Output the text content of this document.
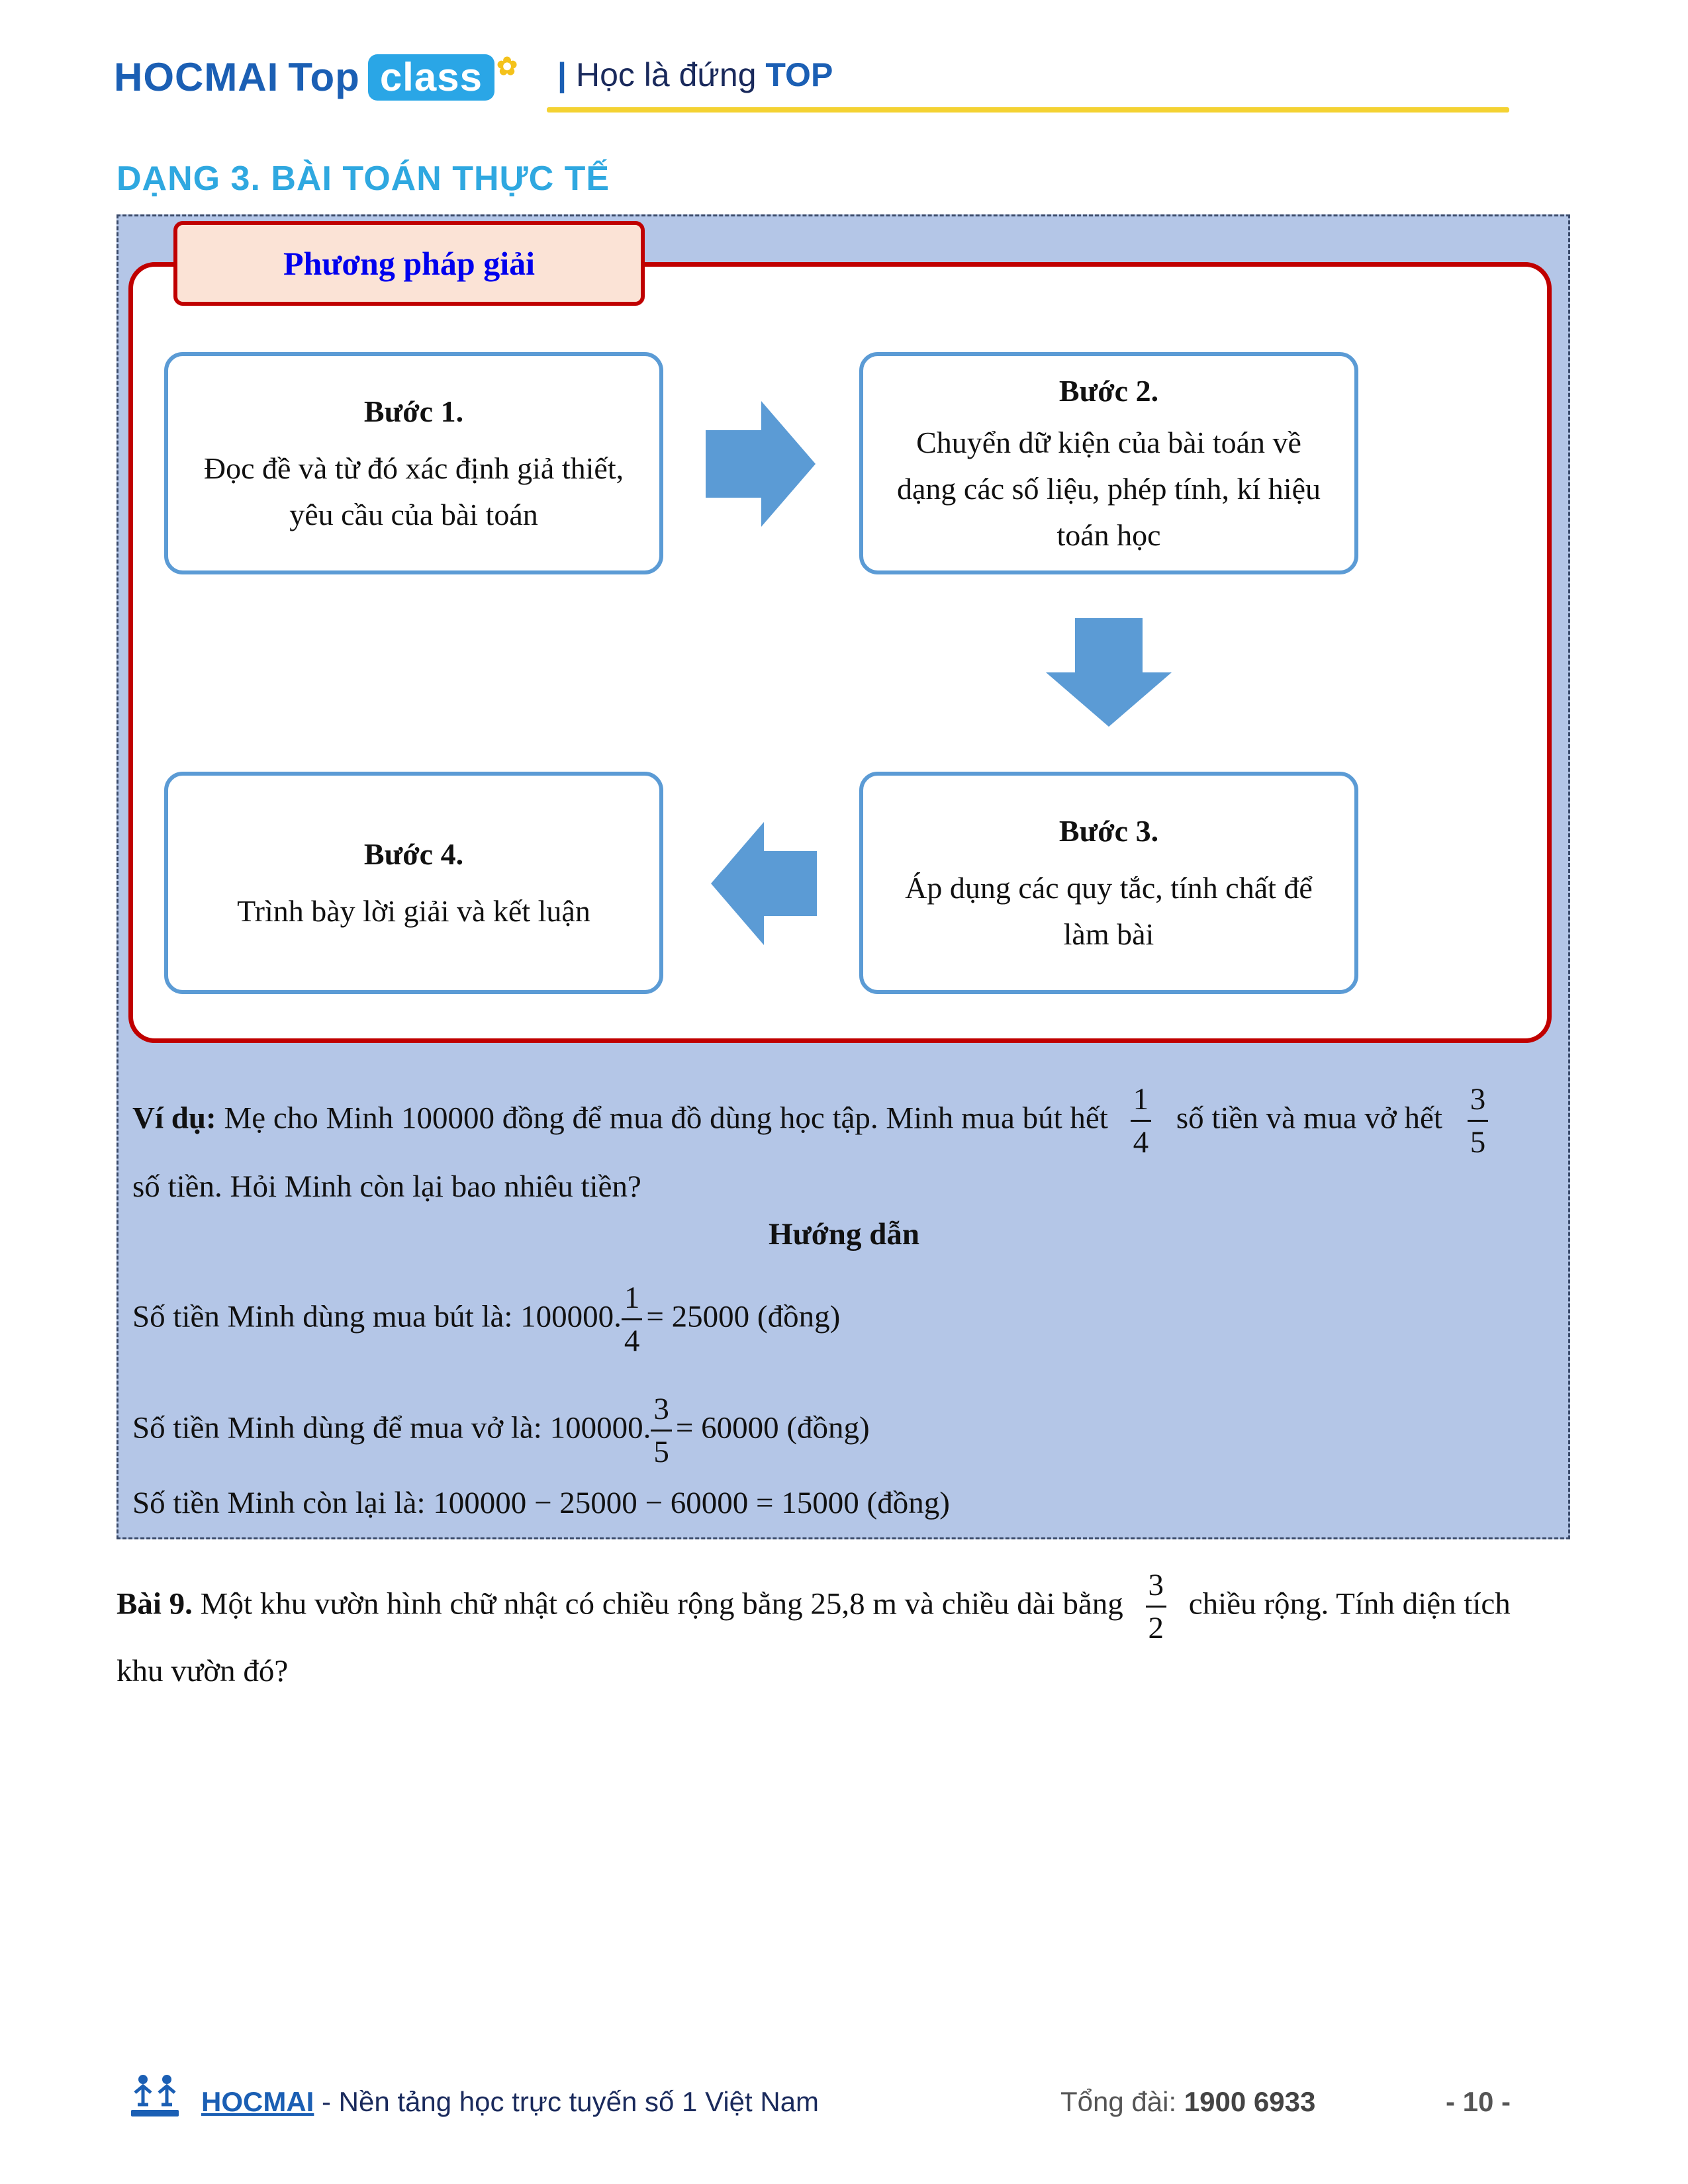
HOCMAI Top class ✿ | Học là đứng TOP
DẠNG 3. BÀI TOÁN THỰC TẾ
Phương pháp giải
Bước 1.
Đọc đề và từ đó xác định giả thiết,
yêu cầu của bài toán
Bước 2.
Chuyển dữ kiện của bài toán về
dạng các số liệu, phép tính, kí hiệu
toán học
Bước 3.
Áp dụng các quy tắc, tính chất để
làm bài
Bước 4.
Trình bày lời giải và kết luận
Ví dụ: Mẹ cho Minh 100000 đồng để mua đồ dùng học tập. Minh mua bút hết $\frac{1}{4}$ số tiền và mua vở hết $\frac{3}{5}$
số tiền. Hỏi Minh còn lại bao nhiêu tiền?
Hướng dẫn
Số tiền Minh dùng mua bút là: 100000. $\frac{1}{4} = 25000$ (đồng)
Số tiền Minh dùng để mua vở là: 100000. $\frac{3}{5} = 60000$ (đồng)
Số tiền Minh còn lại là: 100000 − 25000 − 60000 = 15000 (đồng)
Bài 9. Một khu vườn hình chữ nhật có chiều rộng bằng 25,8 m và chiều dài bằng $\frac{3}{2}$ chiều rộng. Tính diện tích
khu vườn đó?
HOCMAI - Nền tảng học trực tuyến số 1 Việt Nam	Tổng đài: 1900 6933	- 10 -
